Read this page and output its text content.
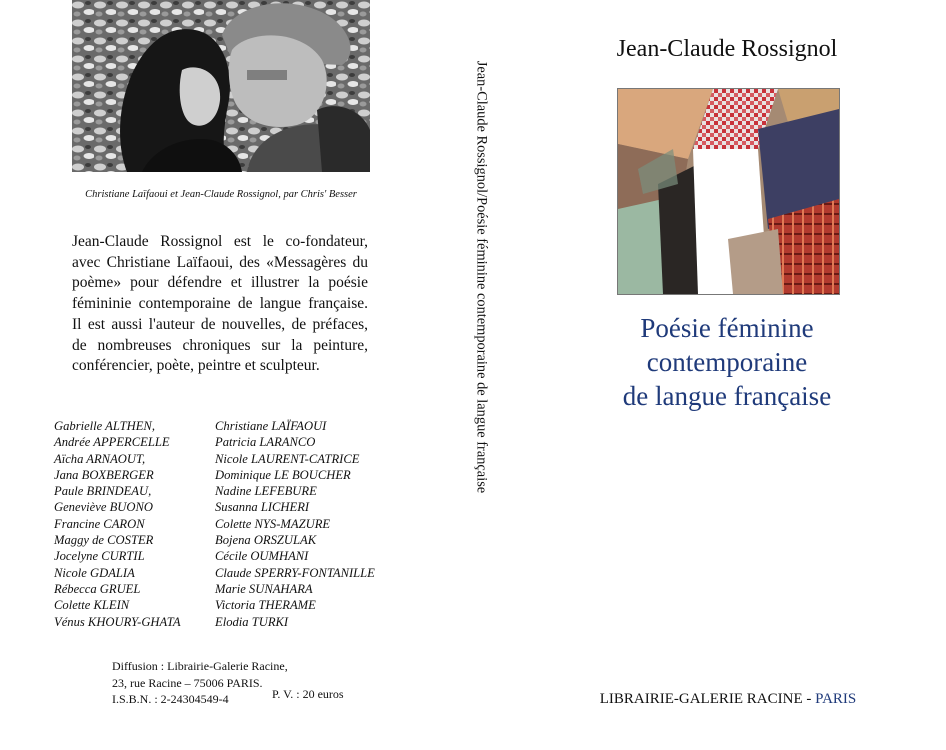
Christiane Laïfaoui et Jean-Claude Rossignol, par Chris' Besser
Jean-Claude Rossignol est le co-fondateur, avec Christiane Laïfaoui, des «Messagères du poème» pour défendre et illustrer la poésie fémininie contemporaine de langue française. Il est aussi l'auteur de nouvelles, de préfaces, de nombreuses chroniques sur la peinture, conférencier, poète, peintre et sculpteur.
Gabrielle ALTHEN,
Andrée APPERCELLE
Aïcha ARNAOUT,
Jana BOXBERGER
Paule BRINDEAU,
Geneviève BUONO
Francine CARON
Maggy de COSTER
Jocelyne CURTIL
Nicole GDALIA
Rébecca GRUEL
Colette KLEIN
Vénus KHOURY-GHATA
Christiane LAÏFAOUI
Patricia LARANCO
Nicole LAURENT-CATRICE
Dominique LE BOUCHER
Nadine LEFEBURE
Susanna LICHERI
Colette NYS-MAZURE
Bojena ORSZULAK
Cécile OUMHANI
Claude SPERRY-FONTANILLE
Marie SUNAHARA
Victoria THERAME
Elodia TURKI
Diffusion : Librairie-Galerie Racine,
23, rue Racine – 75006 PARIS.
I.S.B.N. : 2-24304549-4	P. V. : 20 euros
Jean-Claude Rossignol/Poésie féminine contemporaine de langue française
Jean-Claude Rossignol
Poésie féminine
contemporaine
de langue française
LIBRAIRIE-GALERIE RACINE - PARIS
